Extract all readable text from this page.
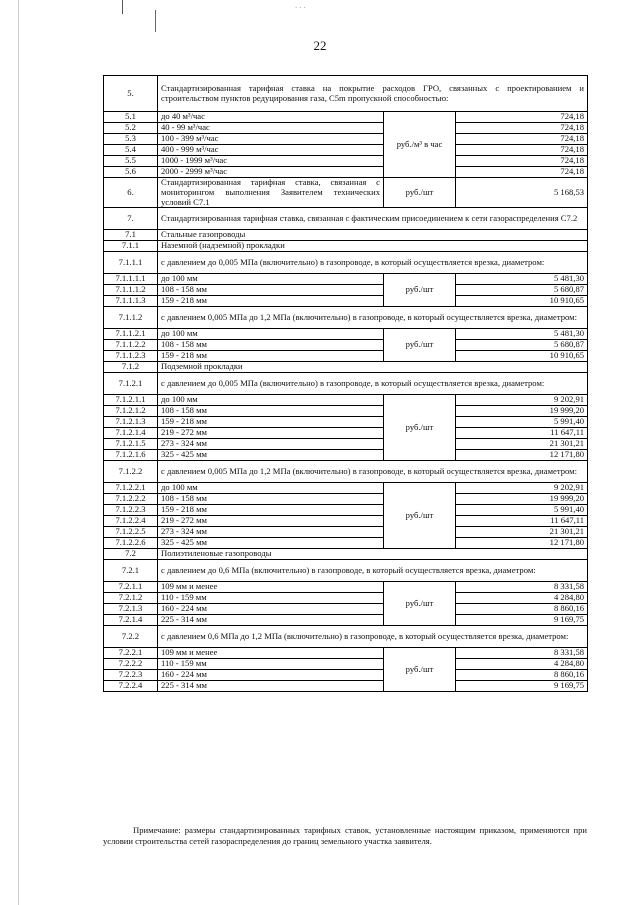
...
22
5.	Стандартизированная тарифная ставка на покрытие расходов ГРО, связанных с проектированием и строительством пунктов редуцирования газа, C5m пропускной способностью:		
5.1	до 40 м³/час	руб./м³ в час	724,18
5.2	40 - 99 м³/час		724,18
5.3	100 - 399 м³/час		724,18
5.4	400 - 999 м³/час		724,18
5.5	1000 - 1999 м³/час		724,18
5.6	2000 - 2999 м³/час		724,18
6.	Стандартизированная тарифная ставка, связанная с мониторингом выполнения Заявителем технических условий C7.1	руб./шт	5 168,53
7.	Стандартизированная тарифная ставка, связанная с фактическим присоединением к сети газораспределения C7.2		
7.1	Стальные газопроводы		
7.1.1	Наземной (надземной) прокладки		
7.1.1.1	с давлением до 0,005 МПа (включительно) в газопроводе, в который осуществляется врезка, диаметром:		
7.1.1.1.1	до 100 мм	руб./шт	5 481,30
7.1.1.1.2	108 - 158 мм		5 680,87
7.1.1.1.3	159 - 218 мм		10 910,65
7.1.1.2	с давлением 0,005 МПа до 1,2 МПа (включительно) в газопроводе, в который осуществляется врезка, диаметром:		
7.1.1.2.1	до 100 мм	руб./шт	5 481,30
7.1.1.2.2	108 - 158 мм		5 680,87
7.1.1.2.3	159 - 218 мм		10 910,65
7.1.2	Подземной прокладки		
7.1.2.1	с давлением до 0,005 МПа (включительно) в газопроводе, в который осуществляется врезка, диаметром:		
7.1.2.1.1	до 100 мм	руб./шт	9 202,91
7.1.2.1.2	108 - 158 мм		19 999,20
7.1.2.1.3	159 - 218 мм		5 991,40
7.1.2.1.4	219 - 272 мм		11 647,11
7.1.2.1.5	273 - 324 мм		21 301,21
7.1.2.1.6	325 - 425 мм		12 171,80
7.1.2.2	с давлением 0,005 МПа до 1,2 МПа (включительно) в газопроводе, в который осуществляется врезка, диаметром:		
7.1.2.2.1	до 100 мм	руб./шт	9 202,91
7.1.2.2.2	108 - 158 мм		19 999,20
7.1.2.2.3	159 - 218 мм		5 991,40
7.1.2.2.4	219 - 272 мм		11 647,11
7.1.2.2.5	273 - 324 мм		21 301,21
7.1.2.2.6	325 - 425 мм		12 171,80
7.2	Полиэтиленовые газопроводы		
7.2.1	с давлением до 0,6 МПа (включительно) в газопроводе, в который осуществляется врезка, диаметром:		
7.2.1.1	109 мм и менее	руб./шт	8 331,58
7.2.1.2	110 - 159 мм		4 284,80
7.2.1.3	160 - 224 мм		8 860,16
7.2.1.4	225 - 314 мм		9 169,75
7.2.2	с давлением 0,6 МПа до 1,2 МПа (включительно) в газопроводе, в который осуществляется врезка, диаметром:		
7.2.2.1	109 мм и менее	руб./шт	8 331,58
7.2.2.2	110 - 159 мм		4 284,80
7.2.2.3	160 - 224 мм		8 860,16
7.2.2.4	225 - 314 мм		9 169,75
Примечание: размеры стандартизированных тарифных ставок, установленные настоящим приказом, применяются при условии строительства сетей газораспределения до границ земельного участка заявителя.
